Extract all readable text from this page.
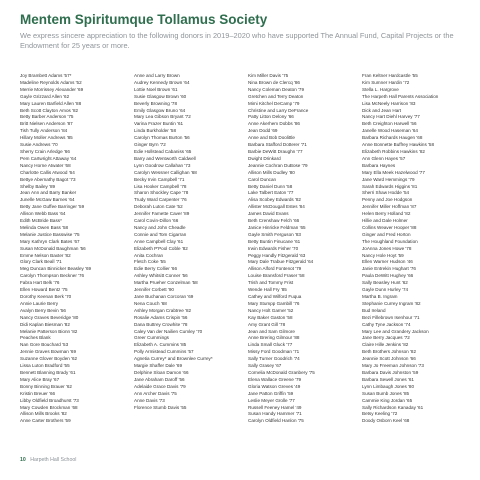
Mentem Spiritumque Tollamus Society
We express sincere appreciation to the following donors in 2019–2020 who have supported The Annual Fund, Capital Projects or the Endowment for 25 years or more.
Joy Brambett Adams '57*
Madeline Reynolds Adams '52
Merrie Morrissey Alexander '69
Gayle Grizzard Allen '62
Mary Lauren Barfield Allen '88
Beth Scott Clayton Amos '82
Betty Barber Anderson '75
Britt Nielsen Anderson '87
Tish Tully Anderson '84
Hillary Moller Andrews '85
Susie Andrews '70
Sherry Crain Arledge '66
Pem Cartwright Attaway '64
Nancy Horne Atwater '68
Charlotte Callis Atwood '64
Bettye Abernathy Bagot '73
Shelby Bailey '89
Jean Ann and Barry Banker
Junelle McGaw Barnes '64
Betty Jane Guffee Barringer '59
Allison Webb Bass '64
Edith McBride Bass*
Melinda Owen Bass '58
Melanie Justice Basswise '75
Mary Kathryn Clark Bates '67
Susan McDonald Baughman '56
Emme Nelson Baxter '82
Glory Clark Beall '71
Meg Duncan Binnicker Beasley '69
Carolyn Thompson Beckner '76
Fabra Hart Belk '76
Ellen Howard Bentz '75
Dorothy Keenan Berk '70
Annie Laurie Berry
Avalyn Berry Bevin '56
Nancy Graves Beveridge '80
Didi Kaplan Biesman '82
Melanie Patterson Bionn '82
Peaches Blank
Nan Gore Bouchard '53
Jennie Graves Bowman '69
Suzanne Glover Boyden '62
Lissa Luton Bradford '55
Bennett Blanning Brady '61
Mary Alice Bray '67
Bonny Binning Brauer '62
Kristin Breuer '66
Libby Oldfield Broadhurst '73
Mary Cowden Brockman '68
Allison Mills Brooks '82
Anne Carter Brothers '59
Anne and Larry Brown
Audrey Kennedy Brown '64
Lottie Noel Brown '61
Susie Glasgow Brown '60
Beverly Browning '78
Emily Glasgow Bruno '64
Mary Lea Gibson Bryant '72
Varina Frazer Buntin '61
Linda Burkholder '58
Carolyn Thomas Burton '56
Ginger Byrn '72
Edie Hollstead Cabaniss '65
Barry and Wentworth Caldwell
Lynn Goodrow Callahan '73
Carolyn Wessner Callighan '68
Becky Irvin Campbell '71
Lisa Hooker Campbell '78
Sharon Shockley Cape '78
Trudy Ward Carpenter '76
Deborah Luton Cate '52
Jennifer Famette Caver '89
Carol Covin-Dillon '66
Nancy and John Cheadle
Connie and Tom Cigarran
Anne Campbell Clay '61
Elizabeth P'Pool Coble '82
Anita Cochran
Fletch Coke '55
Edie Berry Collier '66
Ashley Whitsitt Conner '56
Martha Prueher Conzelman '58
Jennifer Corbett '90
Jane Buchanan Corcoran '69
Nena Couch '68
Ashley Morgan Crabtree '82
Rosalie Adams Crispin '56
Dana Buttrey Crowhite '78
Caley Van der Nailien Cumley '70
Greer Cummings
Elizabeth A. Cummins '85
Polly Armistead Cummins '57
Agnetia Currey* and Brownlee Currey*
Margie Shaffer Dale '69
Delphine Sloan Damon '66
Jane Abraham Daroff '56
Adelaide Grace Davis '79
Ann Archer Davis '75
Anne Davis '73
Florence Stumb Davis '55
Kim Miller Davis '75
Nina Brown de Clercq '86
Nancy Coleman Deaton '79
Gretchen and Terry Deaton
Mimi Kitchel DeCamp '79
Christine and Larry DeFrance
Patty Litton Delony '66
Anne Akerhem Dobbs '86
Jean Dodd '69
Anne and Bob Doolittle
Barbara Stafford Dotterer '71
Barbie DeWitt Draughn '77
Dwight Drinkard
Jeannie Cochran DuBose '79
Allison Mills Dudley '80
Carol Duncan
Betty Daniel Dunn '58
Lake Talbert Eaton '77
Alisa Scobey Edwards '82
Allister McDougall Estes '84
James David Evans
Beth Crenshaw Felch '66
Janice Hinricke Feldman '65
Gayle Smith Ferguson '83
Betty Buntin Finucane '61
Irwin Edwards Fisher '70
Peggy Handly Fitzgerald '63
Mary Dale Trabue Fitzgerald '64
Allison Alford Fontenot '79
Louise Bransford Fraser '58
Trish and Tommy Frist
Wende Hall Fry '85
Cathey and Wilford Fuqua
Mary Stumpp Gambill '76
Nancy Holt Garner '52
Kay Baker Gaston '58
Amy Grant Gill '78
Jean and Sam Gilmore
Anne Brering Gilmour '88
Linda Small Gluck '77
Missy Ford Goodman '71
Sally Turner Goodrich '74
Sally Grasey '67
Cornelia McDonald Granbery '75
Elena Wallace Greene '79
Gloria Watson Greves '49
Jane Patton Griffin '59
Leslie Meyer Grolle '77
Russell Feeney Hamel '49
Susan Handy Hammer '71
Carolyn Oldfield Hanlon '75
Fran Keltner Hardcastle '55
Kim Sumner Hardin '72
Stella L. Hargrove
The Harpeth Hall Parents Association
Lisa McNeely Harrison '83
Dick and Jean Hart
Nancy Hart Diehl Harvey '77
Beth Creighton Harwell '56
Janelle Wood Haseman '64
Barbara Richards Haugen '68
Anne Bonnette Buffrey Hawkins '58
Elizabeth Robbins Hawkins '82
Ann Glenn Hayes '57
Barbara Haynes
Mary Ella Meek Hazelwood '77
Jane Ward Hemmings '79
Sarah Edwards Higgins '81
Sherri Shaw Hodde '54
Penny and Joe Hodgson
Jennifer Miller Hoffman '87
Helen Berry Holland '82
Hillie and Dale Holmer
Collins Weaver Hooper '88
Ginger and Fred Horton
The Houghland Foundation
JoAnna Jones Howe '78
Nancy Hole Hoyt '59
Ellen Warner Hudson '46
Janie Entrekin Hughart '76
Paula DeWitt Hughey '66
Sally Beasley Hunt '62
Gayle Dunn Hurley '74
Martha B. Ingram
Stephanie Currey Ingram '82
Bud Ireland
Bezi Fillebrown Isenhour '71
Cathy Tyne Jackson '74
Mary Lee and Grandery Jackson
Jane Berry Jacques '72
Claire Hille Jenkins '82
Beth Brothers Johnson '82
Jeannie Scott Johnson '66
Mary Jo Freeman Johnson '73
Barbara Davis Johnston '59
Barbara Sewell Jones '61
Lynn Limbaugh Jones '80
Susan Bumb Jones '85
Cammie King Jordan '65
Sally Richardson Kanaday '61
Betsy Keeling '72
Doody Osborn Keel '68
10 Harpeth Hall School
